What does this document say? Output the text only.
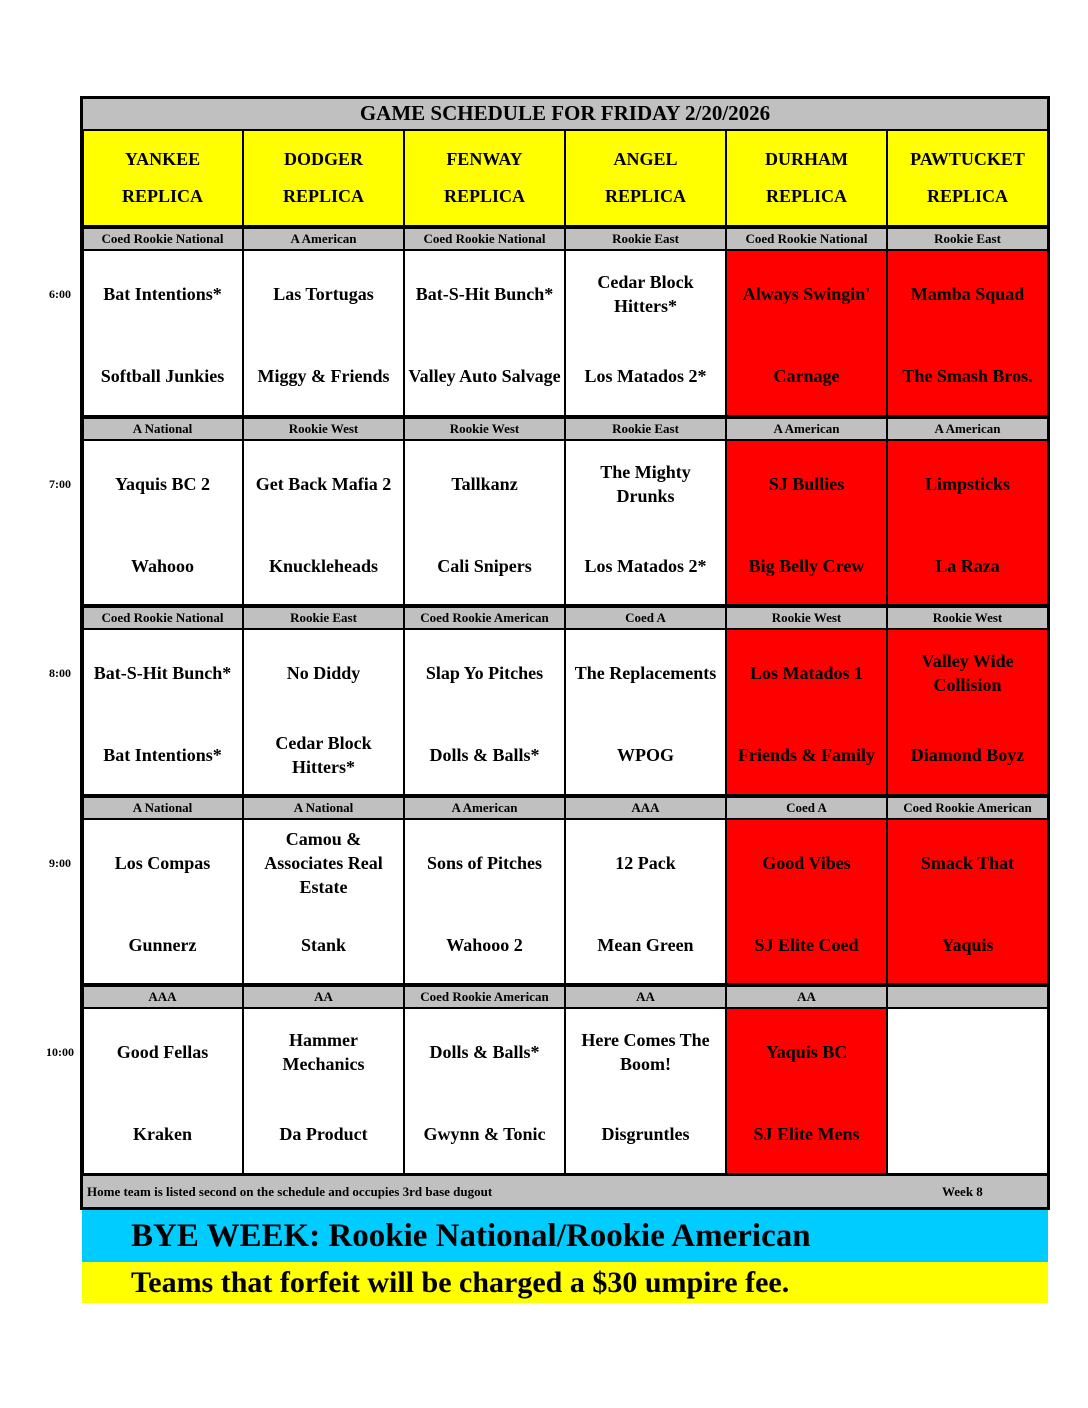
GAME SCHEDULE FOR FRIDAY 2/20/2026
Home team is listed second on the schedule and occupies 3rd base dugout	Week 8
BYE WEEK: Rookie National/Rookie American
Teams that forfeit will be charged a $30 umpire fee.
YANKEE
REPLICA
DODGER
REPLICA
FENWAY
REPLICA
ANGEL
REPLICA
DURHAM
REPLICA
PAWTUCKET
REPLICA
6:00
Coed Rookie National
Bat Intentions*
Softball Junkies
A American
Las Tortugas
Miggy & Friends
Coed Rookie National
Bat-S-Hit Bunch*
Valley Auto Salvage
Rookie East
Cedar Block Hitters*
Los Matados 2*
Coed Rookie National
Always Swingin'
Carnage
Rookie East
Mamba Squad
The Smash Bros.
7:00
A National
Yaquis BC 2
Wahooo
Rookie West
Get Back Mafia 2
Knuckleheads
Rookie West
Tallkanz
Cali Snipers
Rookie East
The Mighty Drunks
Los Matados 2*
A American
SJ Bullies
Big Belly Crew
A American
Limpsticks
La Raza
8:00
Coed Rookie National
Bat-S-Hit Bunch*
Bat Intentions*
Rookie East
No Diddy
Cedar Block Hitters*
Coed Rookie American
Slap Yo Pitches
Dolls & Balls*
Coed A
The Replacements
WPOG
Rookie West
Los Matados 1
Friends & Family
Rookie West
Valley Wide Collision
Diamond Boyz
9:00
A National
Los Compas
Gunnerz
A National
Camou & Associates Real Estate
Stank
A American
Sons of Pitches
Wahooo 2
AAA
12 Pack
Mean Green
Coed A
Good Vibes
SJ Elite Coed
Coed Rookie American
Smack That
Yaquis
10:00
AAA
Good Fellas
Kraken
AA
Hammer Mechanics
Da Product
Coed Rookie American
Dolls & Balls*
Gwynn & Tonic
AA
Here Comes The Boom!
Disgruntles
AA
Yaquis BC
SJ Elite Mens
